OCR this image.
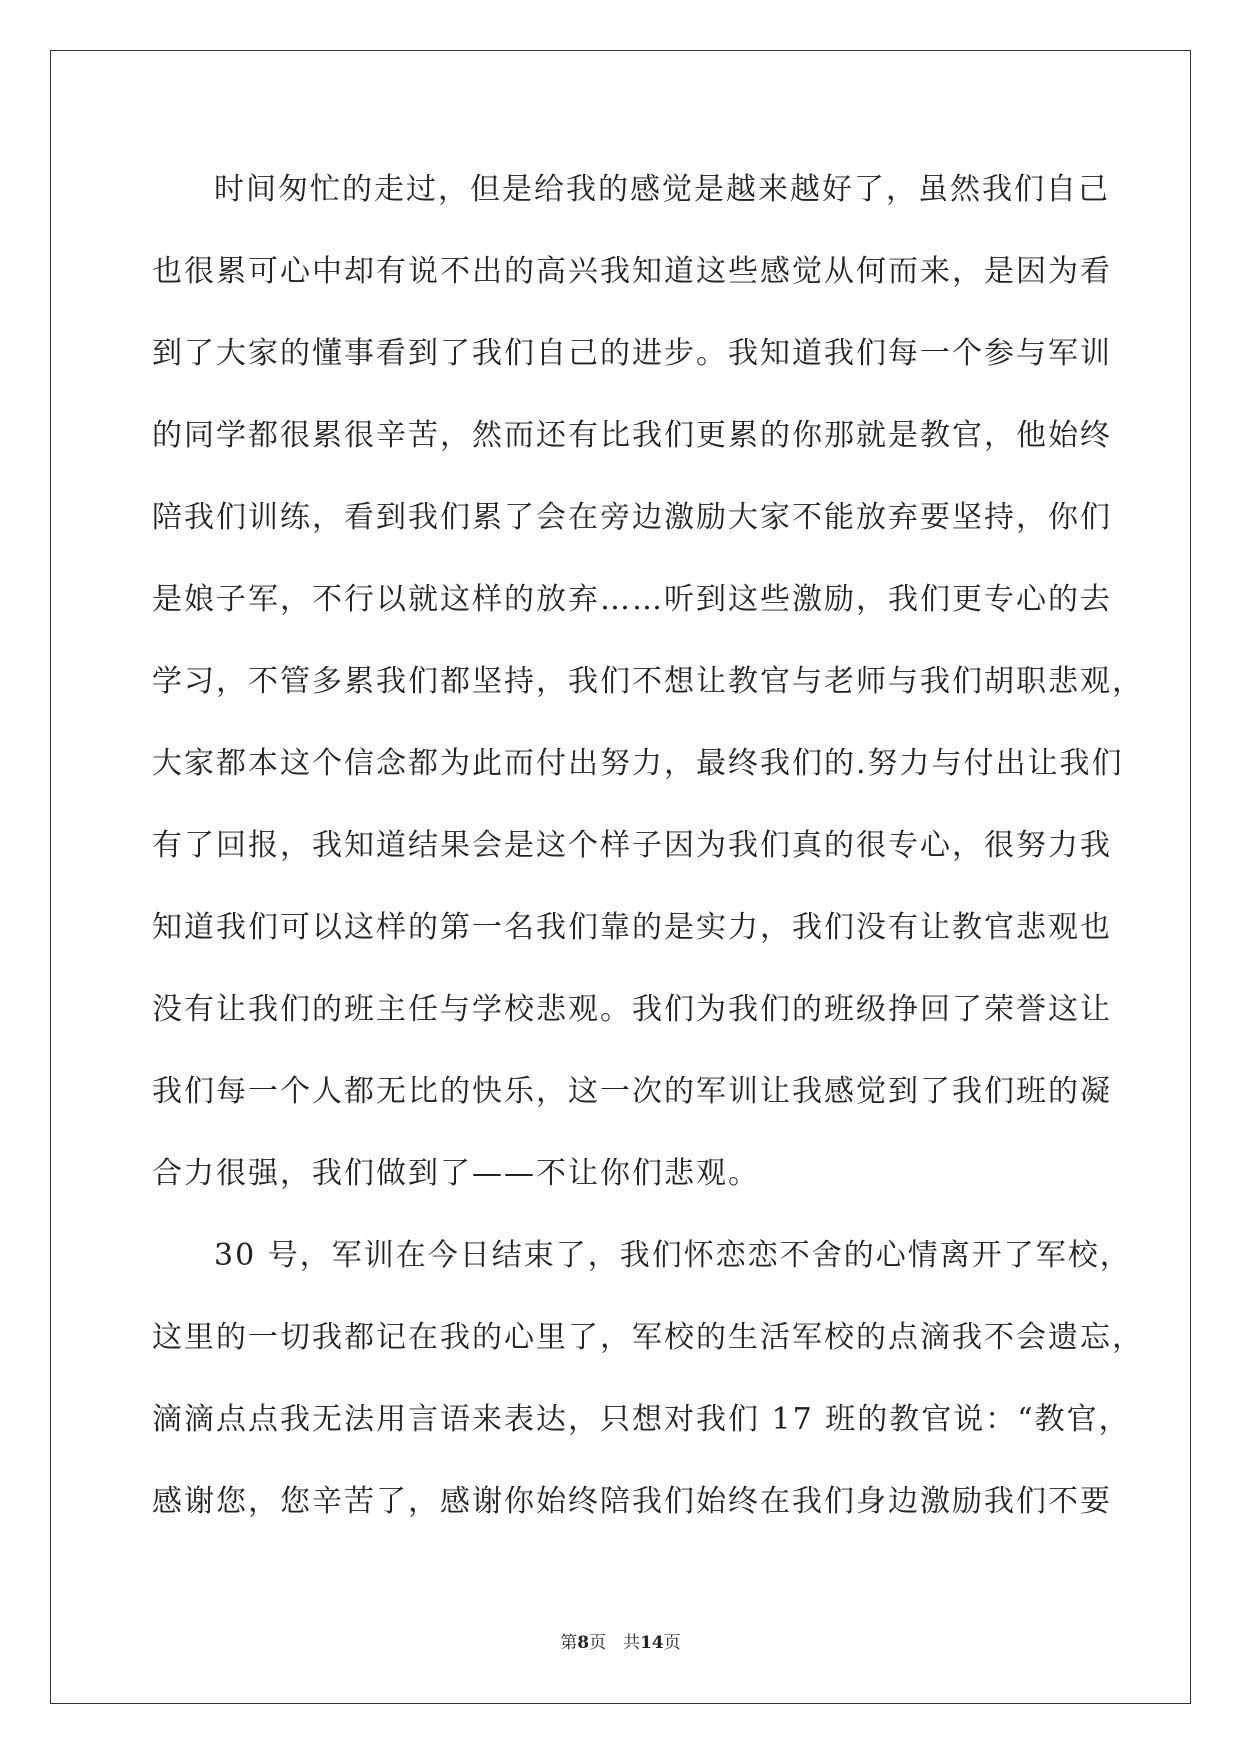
时间匆忙的走过，但是给我的感觉是越来越好了，虽然我们自己
也很累可心中却有说不出的高兴我知道这些感觉从何而来，是因为看
到了大家的懂事看到了我们自己的进步。我知道我们每一个参与军训
的同学都很累很辛苦，然而还有比我们更累的你那就是教官，他始终
陪我们训练，看到我们累了会在旁边激励大家不能放弃要坚持，你们
是娘子军，不行以就这样的放弃……听到这些激励，我们更专心的去
学习，不管多累我们都坚持，我们不想让教官与老师与我们胡职悲观，
大家都本这个信念都为此而付出努力，最终我们的.努力与付出让我们
有了回报，我知道结果会是这个样子因为我们真的很专心，很努力我
知道我们可以这样的第一名我们靠的是实力，我们没有让教官悲观也
没有让我们的班主任与学校悲观。我们为我们的班级挣回了荣誉这让
我们每一个人都无比的快乐，这一次的军训让我感觉到了我们班的凝
合力很强，我们做到了——不让你们悲观。
30 号，军训在今日结束了，我们怀恋恋不舍的心情离开了军校，
这里的一切我都记在我的心里了，军校的生活军校的点滴我不会遗忘，
滴滴点点我无法用言语来表达，只想对我们 17 班的教官说：“教官，
感谢您，您辛苦了，感谢你始终陪我们始终在我们身边激励我们不要
第8页　共14页
